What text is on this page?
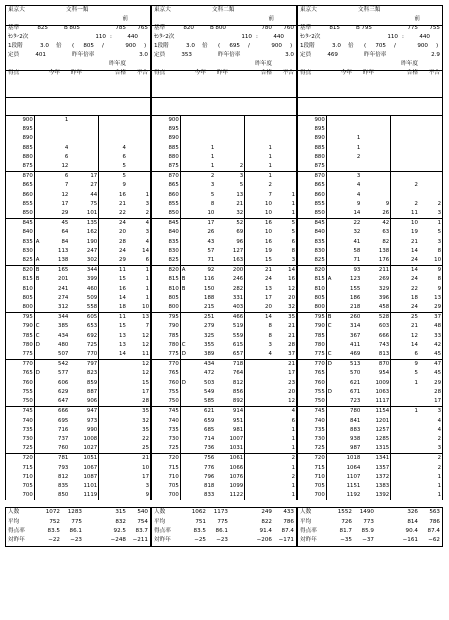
東京大	文科一類
前
基準	825	B 805	785 765
ｾﾝﾀｰ2次	110 :	440
1段階	3.0 倍 ( 805 /	900 )
定員	401	昨年倍率	3.0
昨年度
得点	今年 昨年	合格 不合
900		1			
895					
890					
885		4		4	
880		6		6	
875		12		5	
870		6	17	5	
865		7	27	9	
860		12	44	16	1
855		17	75	21	3
850		29	101	22	2
845		45	135	24	4
840		64	162	20	3
835	A	84	190	28	4
830		113	247	24	14
825	A	138	302	29	6
820	B	165	344	11	1
815	B	201	399	15	1
810		241	460	16	1
805		274	509	14	1
800		312	558	18	10
795		344	605	11	13
790	C	385	653	15	7
785	C	434	692	13	12
780	D	480	725	13	12
775		507	770	14	11
770		542	797		12
765	D	577	823		12
760		606	859		15
755		629	887		17
750		647	906		28
745		666	947		35
740		695	973		32
735		716	990		35
730		737	1008		22
725		760	1027		25
720		781	1051		21
715		793	1067		10
710		812	1087		17
705		835	1101		3
700		850	1119		9
人数	1072 1283	315 540
平均	752 775	832 754
得点率	83.5 86.1	92.5 83.7
対昨年	−22 −23	−248 −211
東京大	文科二類
前
基準	820	B 800	780 760
ｾﾝﾀｰ2次	110 :	440
1段階	3.0 倍 ( 695 /	900 )
定員	353	昨年倍率	3.0
昨年度
得点	今年 昨年	合格 不合
900					
895					
890					
885		1		1	
880		1		1	
875		1	2	1	
870		2	3	1	
865		3	5	2	
860		5	13	7	1
855		8	21	10	1
850		10	32	10	1
845		17	52	16	5
840		26	69	10	5
835		43	96	16	6
830		57	127	19	8
825		71	163	15	3
820	A	92	200	21	14
815	B	116	246	24	16
810	B	150	282	13	12
805		188	331	17	20
800		215	403	20	32
795		251	466	14	35
790		279	519	8	21
785		325	559	8	21
780	C	355	615	3	28
775	D	389	657	4	37
770		434	718		21
765		472	764		17
760	D	503	812		23
755		549	856		20
750		585	892		12
745		621	914		4
740		659	951		6
735		685	981		1
730		714	1007		1
725		736	1031		1
720		756	1061		2
715		776	1066		1
710		796	1076		2
705		818	1099		1
700		833	1122		1
人数	1062 1173	249 433
平均	751 775	822 786
得点率	83.5 86.1	91.4 87.4
対昨年	−25 −23	−206 −171
東京大	文科三類
前
基準	815	B 795	775 755
ｾﾝﾀｰ2次	110 :	440
1段階	3.0 倍 ( 705 /	900 )
定員	469	昨年倍率	2.9
昨年度
得点	今年 昨年	合格 不合
900					
895					
890		1			
885		1			
880		2			
875					
870		3			
865		4		2	
860		4			
855		9	9	2	2
850		14	26	11	3
845		22	42	10	1
840		32	63	19	5
835		41	82	21	3
830		58	138	14	8
825		71	176	24	10
820		93	211	14	9
815	A	123	269	24	8
810		155	329	22	9
805		186	396	18	13
800		218	458	24	29
795	B	260	528	25	37
790	C	314	603	21	48
785		367	666	12	33
780		411	743	14	42
775	C	469	813	6	45
770	D	513	870	9	47
765		570	954	5	45
760		621	1009	1	29
755	D	671	1063		28
750		723	1117		17
745		780	1154	1	3
740		841	1201		4
735		883	1257		4
730		938	1285		2
725		987	1315		3
720		1018	1341		2
715		1064	1357		2
710		1107	1372		1
705		1151	1383		1
700		1192	1392		1
人数	1552 1490	326 563
平均	726 773	814 786
得点率	81.7 85.9	90.4 87.4
対昨年	−35 −37	−161 −62
